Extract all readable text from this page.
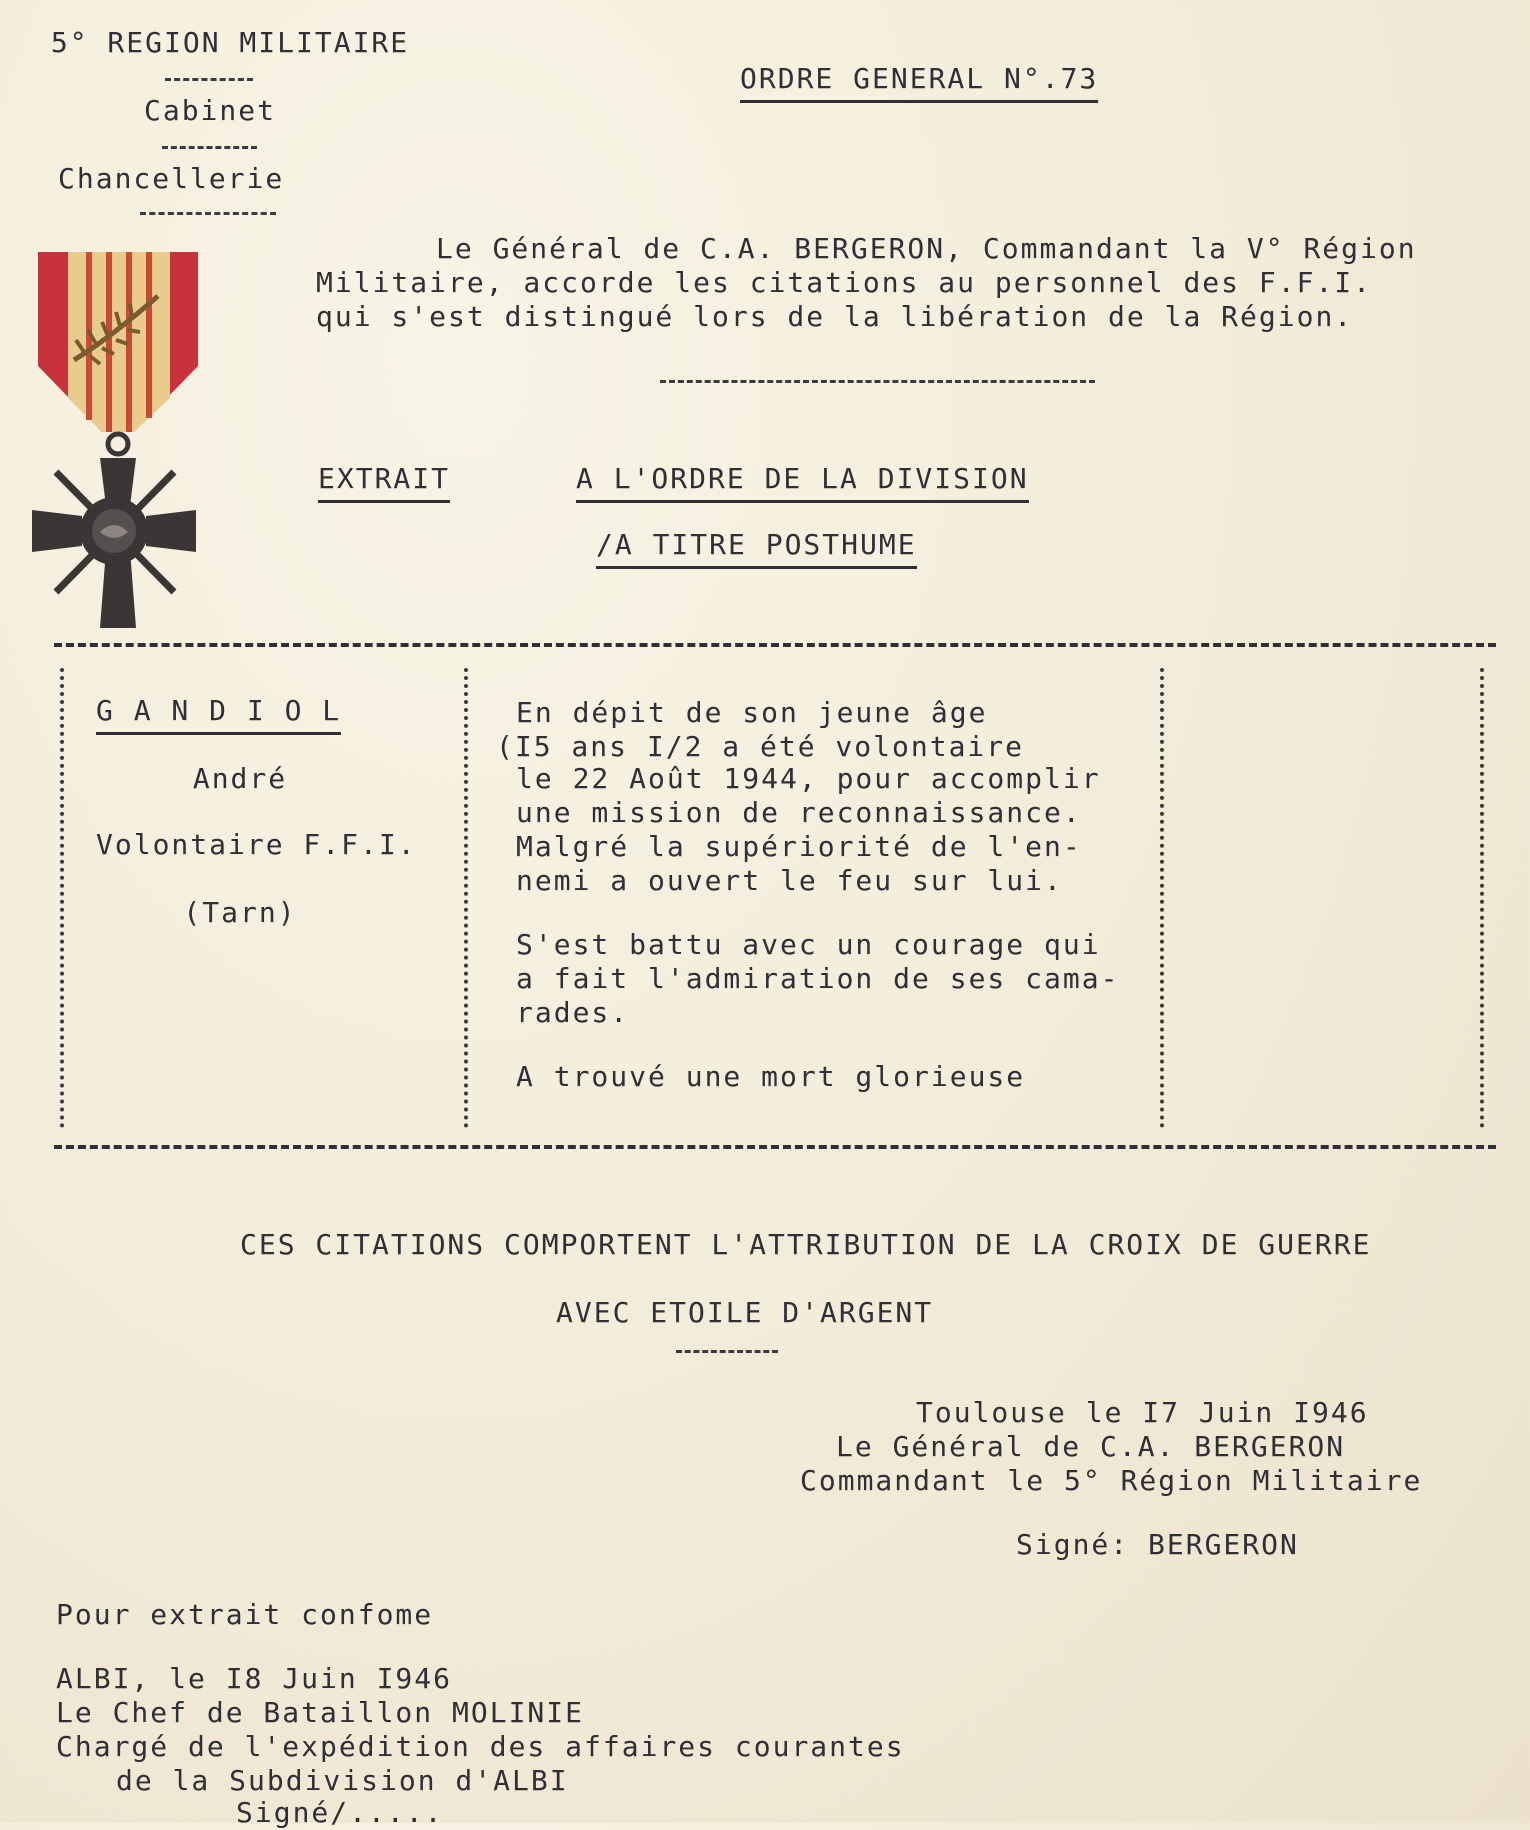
5° REGION MILITAIRE
Cabinet
Chancellerie
ORDRE GENERAL N°.73
Le Général de C.A. BERGERON, Commandant la V° Région
Militaire, accorde les citations au personnel des F.F.I.
qui s'est distingué lors de la libération de la Région.
EXTRAIT	A L'ORDRE DE LA DIVISION
/A TITRE POSTHUME
G A N D I O L
André
Volontaire F.F.I.
(Tarn)
En dépit de son jeune âge
(I5 ans I/2 a été volontaire
le 22 Août 1944, pour accomplir
une mission de reconnaissance.
Malgré la supériorité de l'en-
nemi a ouvert le feu sur lui.
S'est battu avec un courage qui
a fait l'admiration de ses cama-
rades.
A trouvé une mort glorieuse
CES CITATIONS COMPORTENT L'ATTRIBUTION DE LA CROIX DE GUERRE
AVEC ETOILE D'ARGENT
Toulouse le I7 Juin I946
Le Général de C.A. BERGERON
Commandant le 5° Région Militaire
Signé: BERGERON
Pour extrait confome
ALBI, le I8 Juin I946
Le Chef de Bataillon MOLINIE
Chargé de l'expédition des affaires courantes
de la Subdivision d'ALBI
Signé/.....
